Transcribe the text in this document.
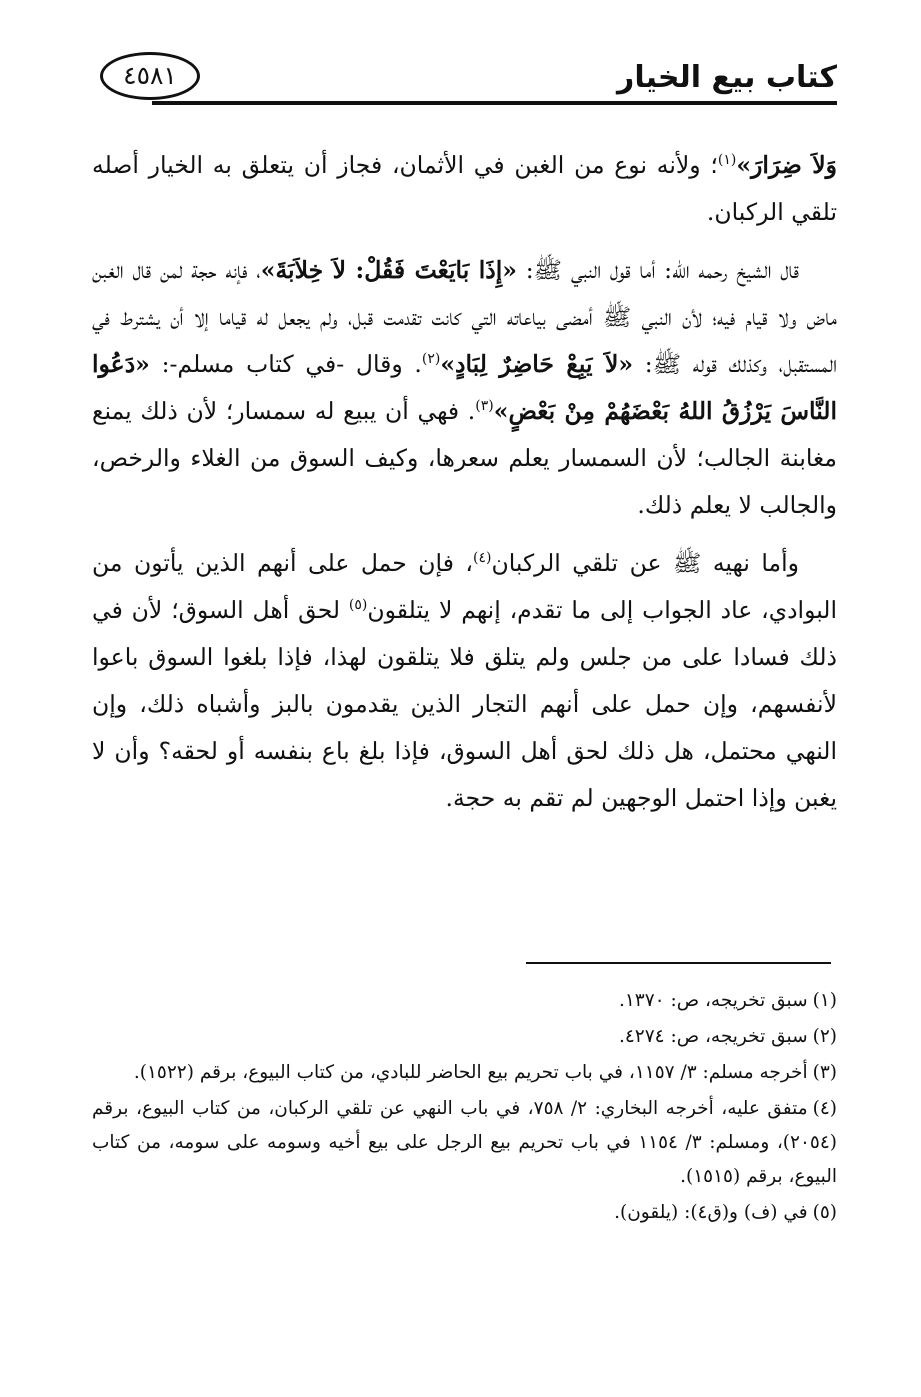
كتاب بيع الخيار
٤٥٨١

وَلاَ ضِرَارَ»$^{(١)}$؛ ولأنه نوع من الغبن في الأثمان، فجاز أن يتعلق به الخيار أصله تلقي الركبان.

قال الشيخ رحمه الله: أما قول النبي ﷺ: «إِذَا بَايَعْتَ فَقُلْ: لاَ خِلاَبَةَ»، فإنه حجة لمن قال الغبن ماض ولا قيام فيه؛ لأن النبي ﷺ أمضى بياعاته التي كانت تقدمت قبل، ولم يجعل له قياما إلا أن يشترط في المستقبل، وكذلك قوله ﷺ: «لاَ يَبِعْ حَاضِرٌ لِبَادٍ»$^{(٢)}$. وقال -في كتاب مسلم-: «دَعُوا النَّاسَ يَرْزُقُ اللهُ بَعْضَهُمْ مِنْ بَعْضٍ»$^{(٣)}$. فهي أن يبيع له سمسار؛ لأن ذلك يمنع مغابنة الجالب؛ لأن السمسار يعلم سعرها، وكيف السوق من الغلاء والرخص، والجالب لا يعلم ذلك.

وأما نهيه ﷺ عن تلقي الركبان$^{(٤)}$، فإن حمل على أنهم الذين يأتون من البوادي، عاد الجواب إلى ما تقدم، إنهم لا يتلقون$^{(٥)}$ لحق أهل السوق؛ لأن في ذلك فسادا على من جلس ولم يتلق فلا يتلقون لهذا، فإذا بلغوا السوق باعوا لأنفسهم، وإن حمل على أنهم التجار الذين يقدمون بالبز وأشباه ذلك، وإن النهي محتمل، هل ذلك لحق أهل السوق، فإذا بلغ باع بنفسه أو لحقه؟ وأن لا يغبن وإذا احتمل الوجهين لم تقم به حجة.

(١)سبق تخريجه، ص: ١٣٧٠.

(٢)سبق تخريجه، ص: ٤٢٧٤.

(٣)أخرجه مسلم: ٣/ ١١٥٧، في باب تحريم بيع الحاضر للبادي، من كتاب البيوع، برقم (١٥٢٢).

(٤)متفق عليه، أخرجه البخاري: ٢/ ٧٥٨، في باب النهي عن تلقي الركبان، من كتاب البيوع، برقم (٢٠٥٤)، ومسلم: ٣/ ١١٥٤ في باب تحريم بيع الرجل على بيع أخيه وسومه على سومه، من كتاب البيوع، برقم (١٥١٥).

(٥)في (ف) و(ق٤): (يلقون).
